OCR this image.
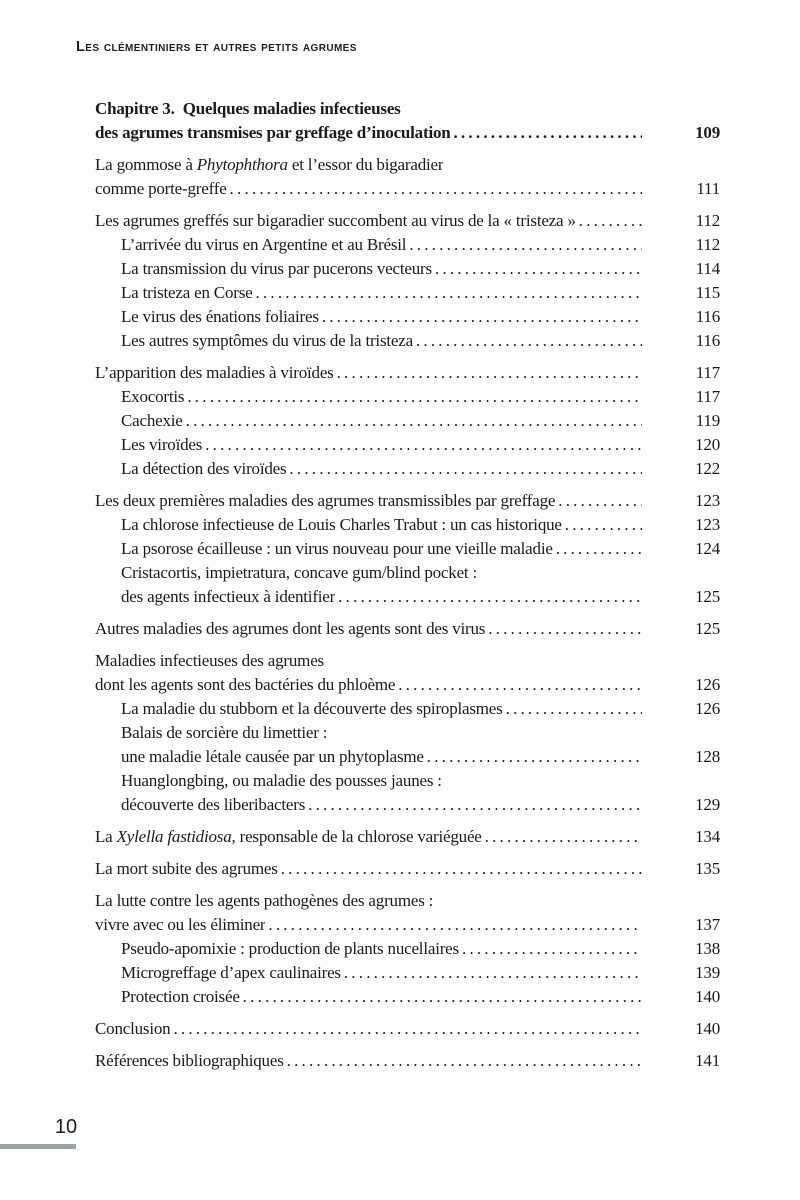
Les clémentiniers et autres petits agrumes
Chapitre 3.  Quelques maladies infectieuses
des agrumes transmises par greffage d’inoculation .....	109
La gommose à Phytophthora et l’essor du bigaradier
comme porte-greffe .....	111
Les agrumes greffés sur bigaradier succombent au virus de la « tristeza » .....	112
L’arrivée du virus en Argentine et au Brésil .....	112
La transmission du virus par pucerons vecteurs .....	114
La tristeza en Corse .....	115
Le virus des énations foliaires .....	116
Les autres symptômes du virus de la tristeza .....	116
L’apparition des maladies à viroïdes .....	117
Exocortis .....	117
Cachexie .....	119
Les viroïdes .....	120
La détection des viroïdes .....	122
Les deux premières maladies des agrumes transmissibles par greffage .....	123
La chlorose infectieuse de Louis Charles Trabut : un cas historique .....	123
La psorose écailleuse : un virus nouveau pour une vieille maladie .....	124
Cristacortis, impietratura, concave gum/blind pocket :
des agents infectieux à identifier .....	125
Autres maladies des agrumes dont les agents sont des virus .....	125
Maladies infectieuses des agrumes
dont les agents sont des bactéries du phloème .....	126
La maladie du stubborn et la découverte des spiroplasmes .....	126
Balais de sorcière du limettier :
une maladie létale causée par un phytoplasme .....	128
Huanglongbing, ou maladie des pousses jaunes :
découverte des liberibacters .....	129
La Xylella fastidiosa, responsable de la chlorose variéguée .....	134
La mort subite des agrumes .....	135
La lutte contre les agents pathogènes des agrumes :
vivre avec ou les éliminer .....	137
Pseudo-apomixie : production de plants nucellaires .....	138
Microgreffage d’apex caulinaires .....	139
Protection croisée .....	140
Conclusion .....	140
Références bibliographiques .....	141
10
